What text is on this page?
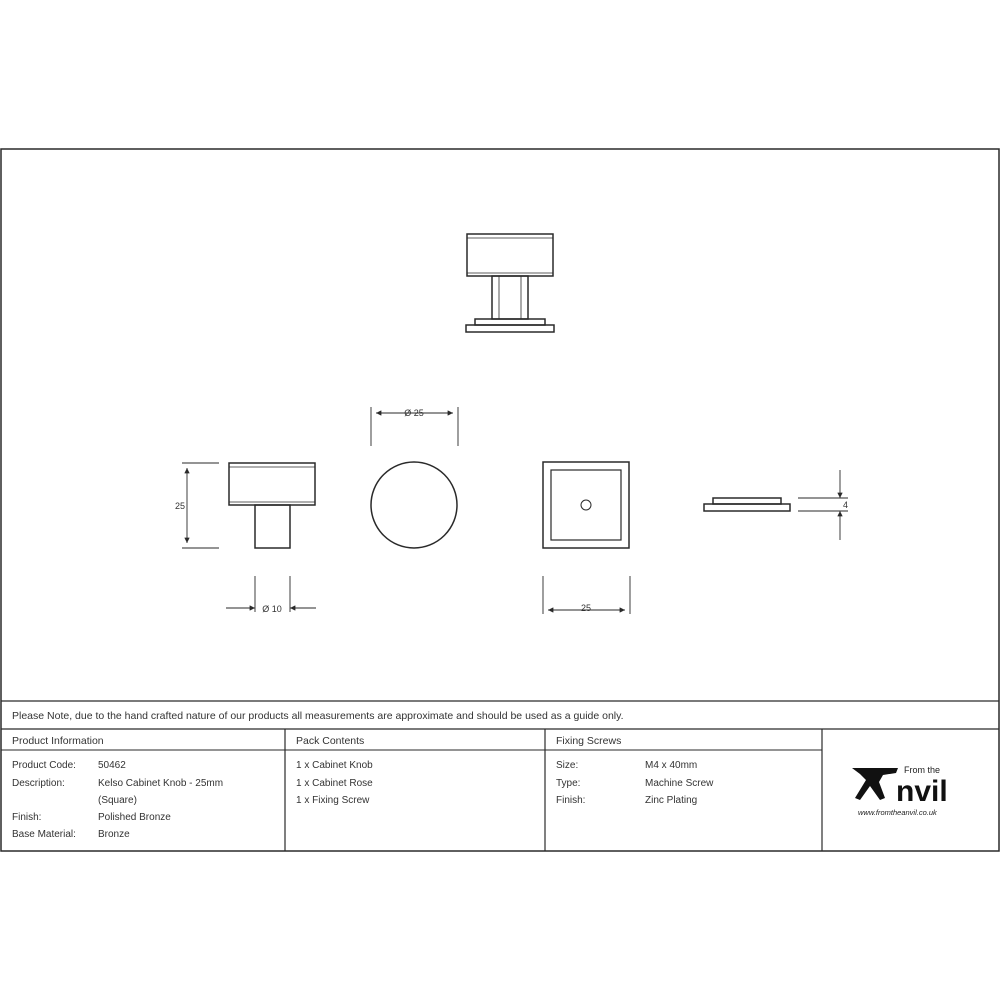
25
Ø 10
Ø 25
25
4
Please Note, due to the hand crafted nature of our products all measurements are approximate and should be used as a guide only.
Product Information
Product Code: 50462
Description:	Kelso Cabinet Knob - 25mm
(Square)
Finish:	Polished Bronze
Base Material: Bronze
Pack Contents
1 x Cabinet Knob
1 x Cabinet Rose
1 x Fixing Screw
Fixing Screws
Size:	M4 x 40mm
Type:	Machine Screw
Finish:	Zinc Plating
From the
nvil
www.fromtheanvil.co.uk
